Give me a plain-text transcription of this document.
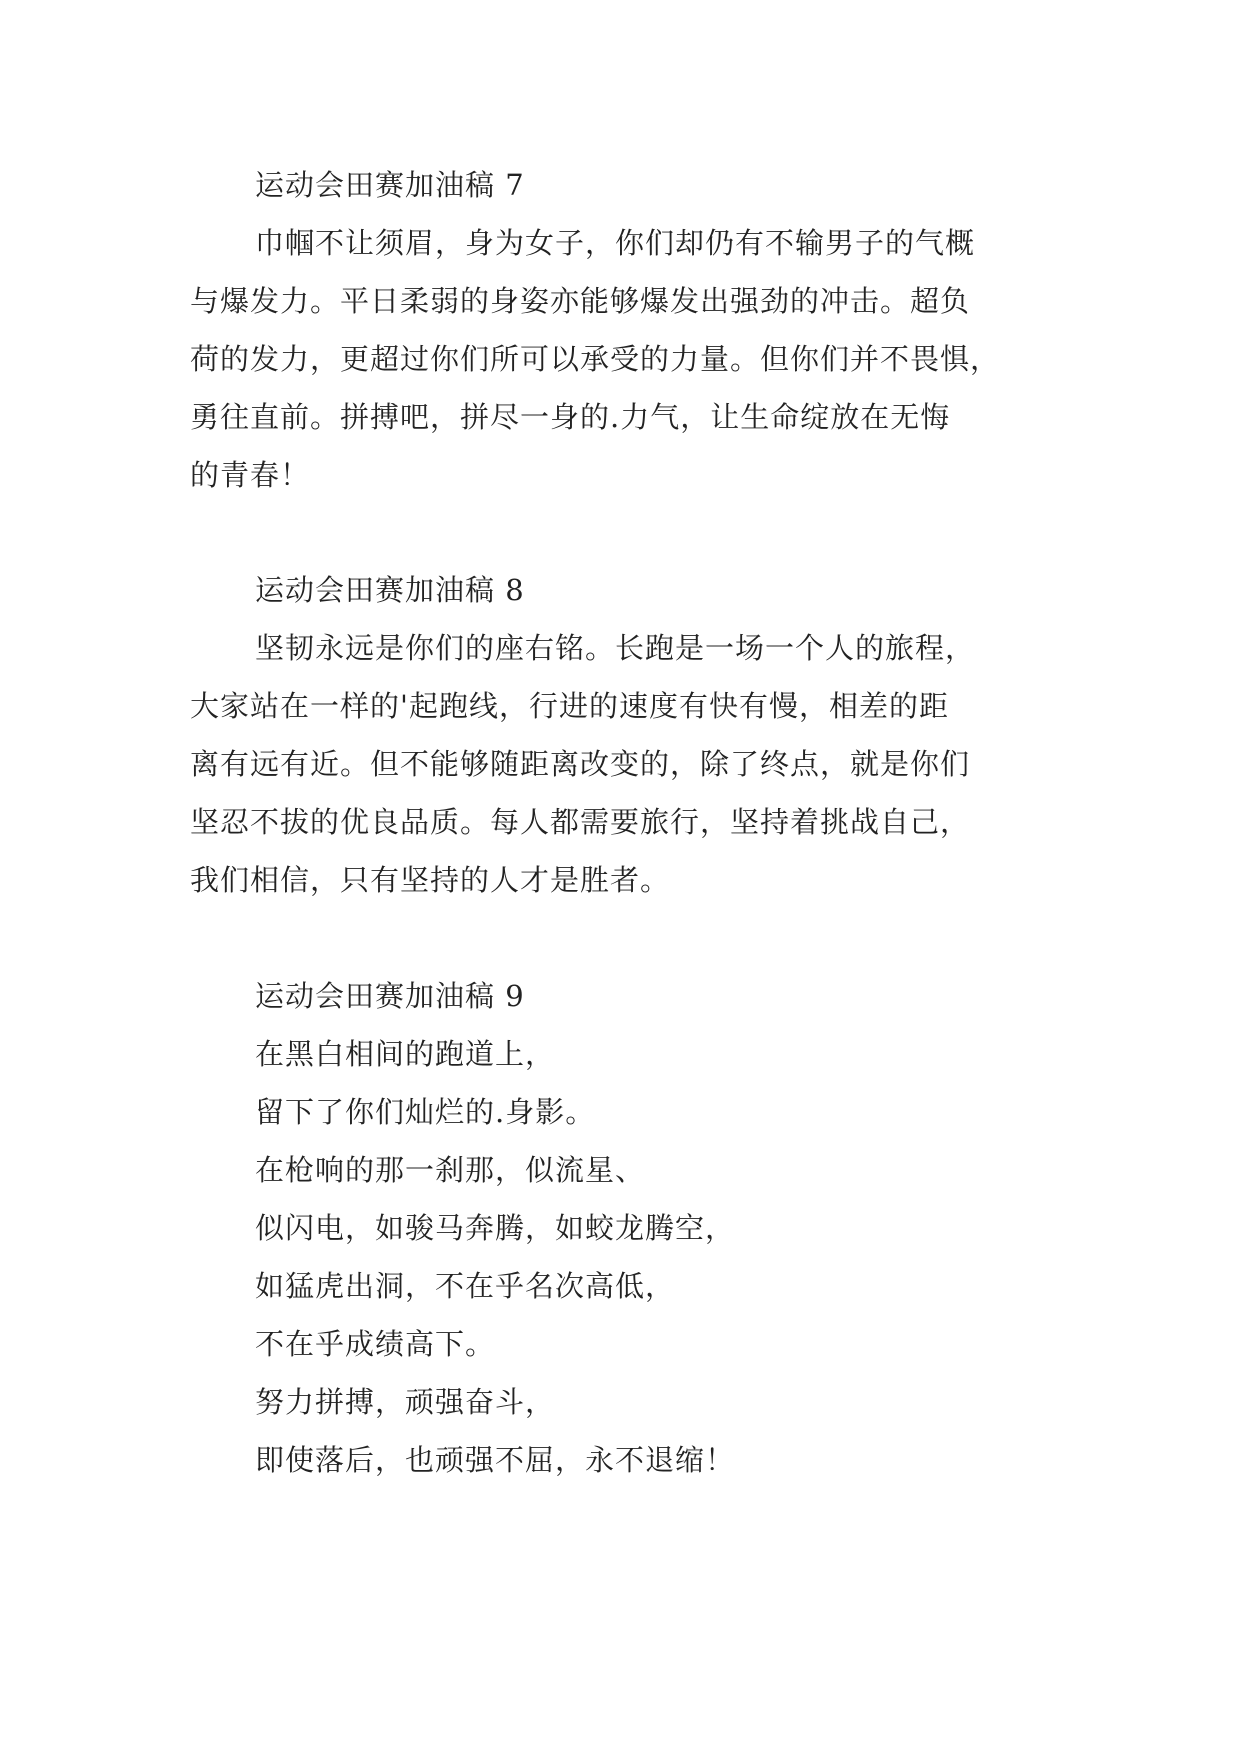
运动会田赛加油稿 7
巾帼不让须眉，身为女子，你们却仍有不输男子的气概
与爆发力。平日柔弱的身姿亦能够爆发出强劲的冲击。超负
荷的发力，更超过你们所可以承受的力量。但你们并不畏惧，
勇往直前。拼搏吧，拼尽一身的.力气，让生命绽放在无悔
的青春！
运动会田赛加油稿 8
坚韧永远是你们的座右铭。长跑是一场一个人的旅程，
大家站在一样的'起跑线，行进的速度有快有慢，相差的距
离有远有近。但不能够随距离改变的，除了终点，就是你们
坚忍不拔的优良品质。每人都需要旅行，坚持着挑战自己，
我们相信，只有坚持的人才是胜者。
运动会田赛加油稿 9
在黑白相间的跑道上，
留下了你们灿烂的.身影。
在枪响的那一刹那，似流星、
似闪电，如骏马奔腾，如蛟龙腾空，
如猛虎出洞，不在乎名次高低，
不在乎成绩高下。
努力拼搏，顽强奋斗，
即使落后，也顽强不屈，永不退缩！
